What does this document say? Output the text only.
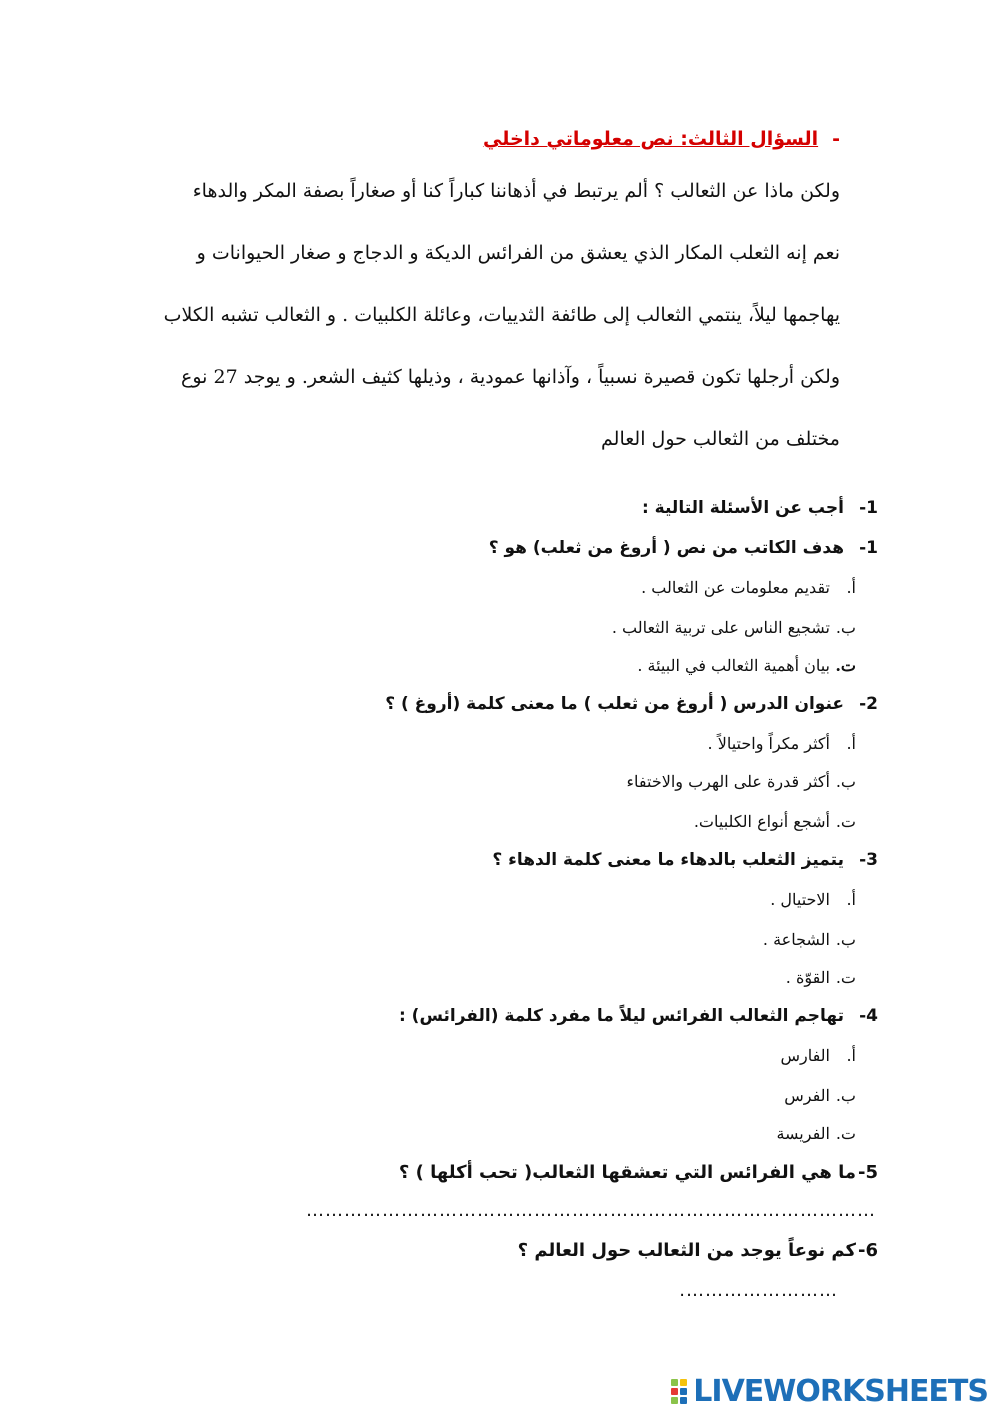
-السؤال الثالث: نص معلوماتي داخلي
ولكن ماذا عن الثعالب ؟ ألم يرتبط في أذهاننا كباراً كنا أو صغاراً بصفة المكر والدهاء
نعم إنه الثعلب المكار الذي يعشق من الفرائس الديكة و الدجاج و صغار الحيوانات و
يهاجمها ليلاً، ينتمي الثعالب إلى طائفة الثدييات، وعائلة الكلبيات . و الثعالب تشبه الكلاب
ولكن أرجلها تكون قصيرة نسبياً ، وآذانها عمودية ، وذيلها كثيف الشعر. و يوجد 27 نوع
مختلف من الثعالب حول العالم
1-أجب عن الأسئلة التالية :
1-هدف الكاتب من نص ( أروغ من ثعلب) هو ؟
أ.تقديم معلومات عن الثعالب .
ب.تشجيع الناس على تربية الثعالب .
ت.بيان أهمية الثعالب في البيئة .
2-عنوان الدرس ( أروغ من ثعلب ) ما معنى كلمة (أروغ ) ؟
أ.أكثر مكراً واحتيالاً .
ب.أكثر قدرة على الهرب والاختفاء
ت.أشجع أنواع الكلبيات.
3-يتميز الثعلب بالدهاء ما معنى كلمة الدهاء ؟
أ.الاحتيال .
ب.الشجاعة .
ت.القوّة .
4-تهاجم الثعالب الفرائس ليلاً ما مفرد كلمة (الفرائس) :
أ.الفارس
ب.الفرس
ت.الفريسة
5-ما هي الفرائس التي تعشقها الثعالب( تحب أكلها ) ؟
………………………………………………………………………………
6-كم نوعاً يوجد من الثعالب حول العالم ؟
…………………….
LIVEWORKSHEETS
